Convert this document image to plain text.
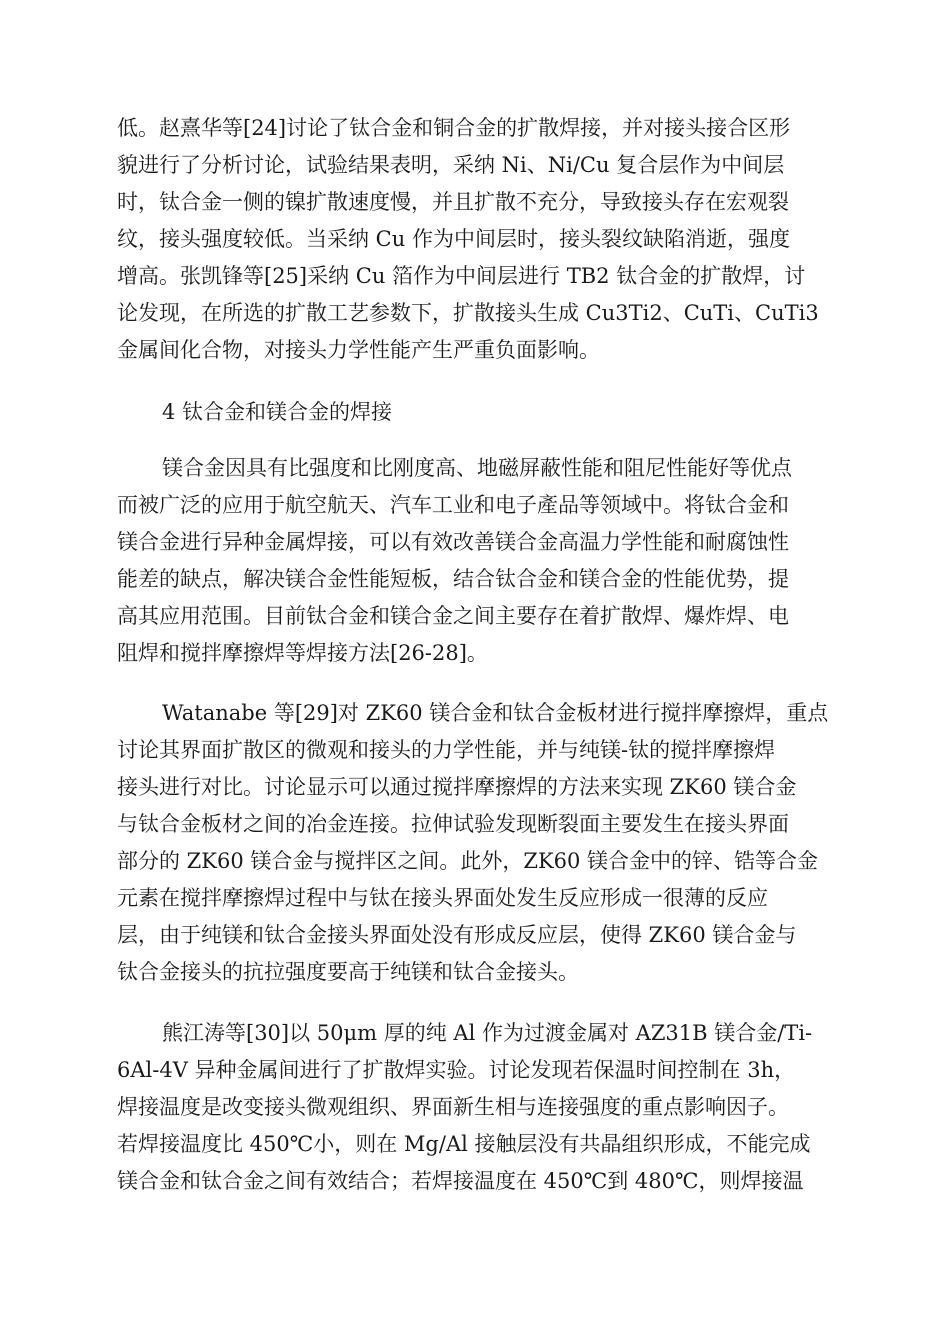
低。赵熹华等[24]讨论了钛合金和铜合金的扩散焊接，并对接头接合区形
貌进行了分析讨论，试验结果表明，采纳 Ni、Ni/Cu 复合层作为中间层
时，钛合金一侧的镍扩散速度慢，并且扩散不充分，导致接头存在宏观裂
纹，接头强度较低。当采纳 Cu 作为中间层时，接头裂纹缺陷消逝，强度
增高。张凯锋等[25]采纳 Cu 箔作为中间层进行 TB2 钛合金的扩散焊，讨
论发现，在所选的扩散工艺参数下，扩散接头生成 Cu3Ti2、CuTi、CuTi3
金属间化合物，对接头力学性能产生严重负面影响。
4 钛合金和镁合金的焊接
镁合金因具有比强度和比刚度高、地磁屏蔽性能和阻尼性能好等优点
而被广泛的应用于航空航天、汽车工业和电子產品等领域中。将钛合金和
镁合金进行异种金属焊接，可以有效改善镁合金高温力学性能和耐腐蚀性
能差的缺点，解决镁合金性能短板，结合钛合金和镁合金的性能优势，提
高其应用范围。目前钛合金和镁合金之间主要存在着扩散焊、爆炸焊、电
阻焊和搅拌摩擦焊等焊接方法[26-28]。
Watanabe 等[29]对 ZK60 镁合金和钛合金板材进行搅拌摩擦焊，重点
讨论其界面扩散区的微观和接头的力学性能，并与纯镁-钛的搅拌摩擦焊
接头进行对比。讨论显示可以通过搅拌摩擦焊的方法来实现 ZK60 镁合金
与钛合金板材之间的冶金连接。拉伸试验发现断裂面主要发生在接头界面
部分的 ZK60 镁合金与搅拌区之间。此外，ZK60 镁合金中的锌、锆等合金
元素在搅拌摩擦焊过程中与钛在接头界面处发生反应形成一很薄的反应
层，由于纯镁和钛合金接头界面处没有形成反应层，使得 ZK60 镁合金与
钛合金接头的抗拉强度要高于纯镁和钛合金接头。
熊江涛等[30]以 50μm 厚的纯 Al 作为过渡金属对 AZ31B 镁合金/Ti-
6Al-4V 异种金属间进行了扩散焊实验。讨论发现若保温时间控制在 3h，
焊接温度是改变接头微观组织、界面新生相与连接强度的重点影响因子。
若焊接温度比 450℃小，则在 Mg/Al 接触层没有共晶组织形成，不能完成
镁合金和钛合金之间有效结合；若焊接温度在 450℃到 480℃，则焊接温
